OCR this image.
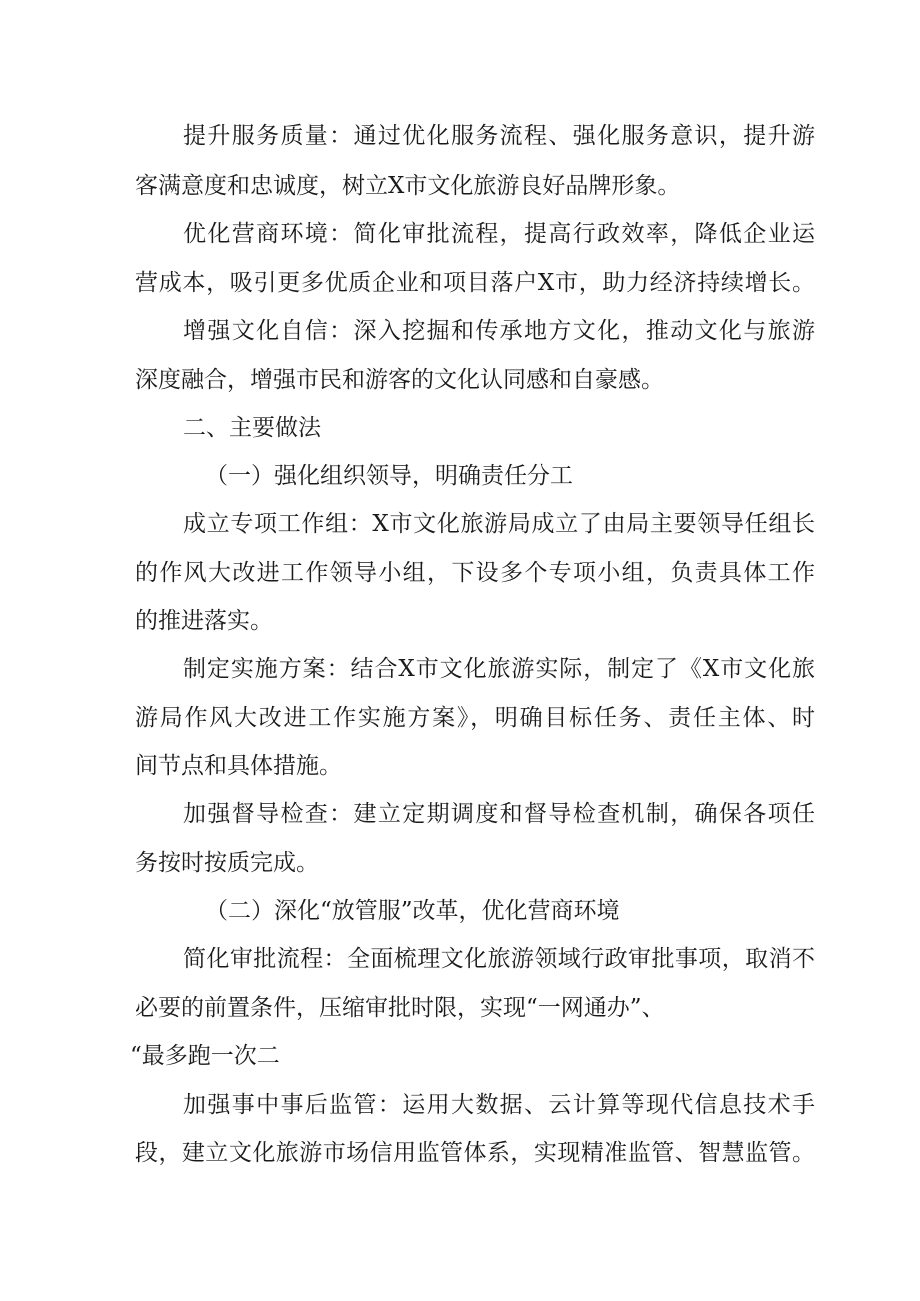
提升服务质量：通过优化服务流程、强化服务意识，提升游
客满意度和忠诚度，树立X市文化旅游良好品牌形象。
优化营商环境：简化审批流程，提高行政效率，降低企业运
营成本，吸引更多优质企业和项目落户X市，助力经济持续增长。
增强文化自信：深入挖掘和传承地方文化，推动文化与旅游
深度融合，增强市民和游客的文化认同感和自豪感。
二、主要做法
（一）强化组织领导，明确责任分工
成立专项工作组：X市文化旅游局成立了由局主要领导任组长
的作风大改进工作领导小组，下设多个专项小组，负责具体工作
的推进落实。
制定实施方案：结合X市文化旅游实际，制定了《X市文化旅
游局作风大改进工作实施方案》，明确目标任务、责任主体、时
间节点和具体措施。
加强督导检查：建立定期调度和督导检查机制，确保各项任
务按时按质完成。
（二）深化“放管服”改革，优化营商环境
简化审批流程：全面梳理文化旅游领域行政审批事项，取消不
必要的前置条件，压缩审批时限，实现“一网通办”、
“最多跑一次二
加强事中事后监管：运用大数据、云计算等现代信息技术手
段，建立文化旅游市场信用监管体系，实现精准监管、智慧监管。
